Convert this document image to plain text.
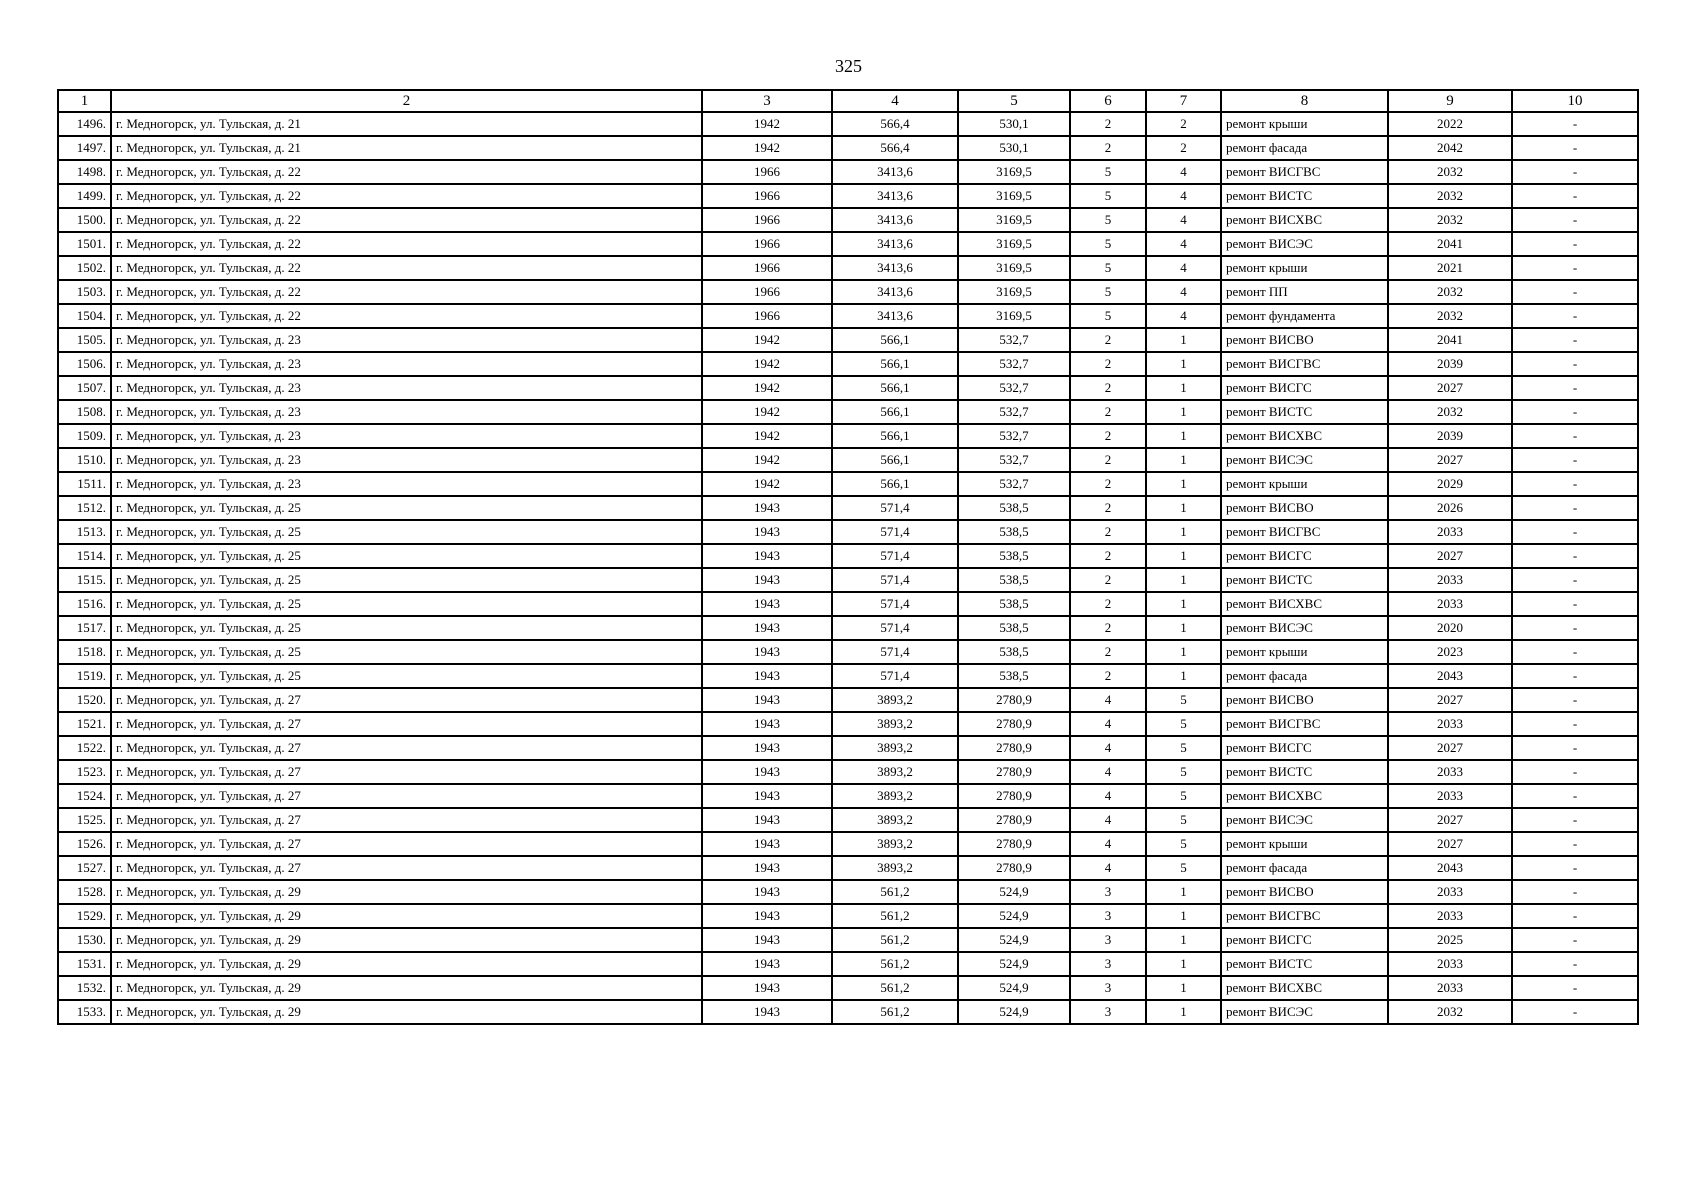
325
1	2	3	4	5	6	7	8	9	10
1496.	г. Медногорск, ул. Тульская, д. 21	1942	566,4	530,1	2	2	ремонт крыши	2022	-
1497.	г. Медногорск, ул. Тульская, д. 21	1942	566,4	530,1	2	2	ремонт фасада	2042	-
1498.	г. Медногорск, ул. Тульская, д. 22	1966	3413,6	3169,5	5	4	ремонт ВИСГВС	2032	-
1499.	г. Медногорск, ул. Тульская, д. 22	1966	3413,6	3169,5	5	4	ремонт ВИСТС	2032	-
1500.	г. Медногорск, ул. Тульская, д. 22	1966	3413,6	3169,5	5	4	ремонт ВИСХВС	2032	-
1501.	г. Медногорск, ул. Тульская, д. 22	1966	3413,6	3169,5	5	4	ремонт ВИСЭС	2041	-
1502.	г. Медногорск, ул. Тульская, д. 22	1966	3413,6	3169,5	5	4	ремонт крыши	2021	-
1503.	г. Медногорск, ул. Тульская, д. 22	1966	3413,6	3169,5	5	4	ремонт ПП	2032	-
1504.	г. Медногорск, ул. Тульская, д. 22	1966	3413,6	3169,5	5	4	ремонт фундамента	2032	-
1505.	г. Медногорск, ул. Тульская, д. 23	1942	566,1	532,7	2	1	ремонт ВИСВО	2041	-
1506.	г. Медногорск, ул. Тульская, д. 23	1942	566,1	532,7	2	1	ремонт ВИСГВС	2039	-
1507.	г. Медногорск, ул. Тульская, д. 23	1942	566,1	532,7	2	1	ремонт ВИСГС	2027	-
1508.	г. Медногорск, ул. Тульская, д. 23	1942	566,1	532,7	2	1	ремонт ВИСТС	2032	-
1509.	г. Медногорск, ул. Тульская, д. 23	1942	566,1	532,7	2	1	ремонт ВИСХВС	2039	-
1510.	г. Медногорск, ул. Тульская, д. 23	1942	566,1	532,7	2	1	ремонт ВИСЭС	2027	-
1511.	г. Медногорск, ул. Тульская, д. 23	1942	566,1	532,7	2	1	ремонт крыши	2029	-
1512.	г. Медногорск, ул. Тульская, д. 25	1943	571,4	538,5	2	1	ремонт ВИСВО	2026	-
1513.	г. Медногорск, ул. Тульская, д. 25	1943	571,4	538,5	2	1	ремонт ВИСГВС	2033	-
1514.	г. Медногорск, ул. Тульская, д. 25	1943	571,4	538,5	2	1	ремонт ВИСГС	2027	-
1515.	г. Медногорск, ул. Тульская, д. 25	1943	571,4	538,5	2	1	ремонт ВИСТС	2033	-
1516.	г. Медногорск, ул. Тульская, д. 25	1943	571,4	538,5	2	1	ремонт ВИСХВС	2033	-
1517.	г. Медногорск, ул. Тульская, д. 25	1943	571,4	538,5	2	1	ремонт ВИСЭС	2020	-
1518.	г. Медногорск, ул. Тульская, д. 25	1943	571,4	538,5	2	1	ремонт крыши	2023	-
1519.	г. Медногорск, ул. Тульская, д. 25	1943	571,4	538,5	2	1	ремонт фасада	2043	-
1520.	г. Медногорск, ул. Тульская, д. 27	1943	3893,2	2780,9	4	5	ремонт ВИСВО	2027	-
1521.	г. Медногорск, ул. Тульская, д. 27	1943	3893,2	2780,9	4	5	ремонт ВИСГВС	2033	-
1522.	г. Медногорск, ул. Тульская, д. 27	1943	3893,2	2780,9	4	5	ремонт ВИСГС	2027	-
1523.	г. Медногорск, ул. Тульская, д. 27	1943	3893,2	2780,9	4	5	ремонт ВИСТС	2033	-
1524.	г. Медногорск, ул. Тульская, д. 27	1943	3893,2	2780,9	4	5	ремонт ВИСХВС	2033	-
1525.	г. Медногорск, ул. Тульская, д. 27	1943	3893,2	2780,9	4	5	ремонт ВИСЭС	2027	-
1526.	г. Медногорск, ул. Тульская, д. 27	1943	3893,2	2780,9	4	5	ремонт крыши	2027	-
1527.	г. Медногорск, ул. Тульская, д. 27	1943	3893,2	2780,9	4	5	ремонт фасада	2043	-
1528.	г. Медногорск, ул. Тульская, д. 29	1943	561,2	524,9	3	1	ремонт ВИСВО	2033	-
1529.	г. Медногорск, ул. Тульская, д. 29	1943	561,2	524,9	3	1	ремонт ВИСГВС	2033	-
1530.	г. Медногорск, ул. Тульская, д. 29	1943	561,2	524,9	3	1	ремонт ВИСГС	2025	-
1531.	г. Медногорск, ул. Тульская, д. 29	1943	561,2	524,9	3	1	ремонт ВИСТС	2033	-
1532.	г. Медногорск, ул. Тульская, д. 29	1943	561,2	524,9	3	1	ремонт ВИСХВС	2033	-
1533.	г. Медногорск, ул. Тульская, д. 29	1943	561,2	524,9	3	1	ремонт ВИСЭС	2032	-
